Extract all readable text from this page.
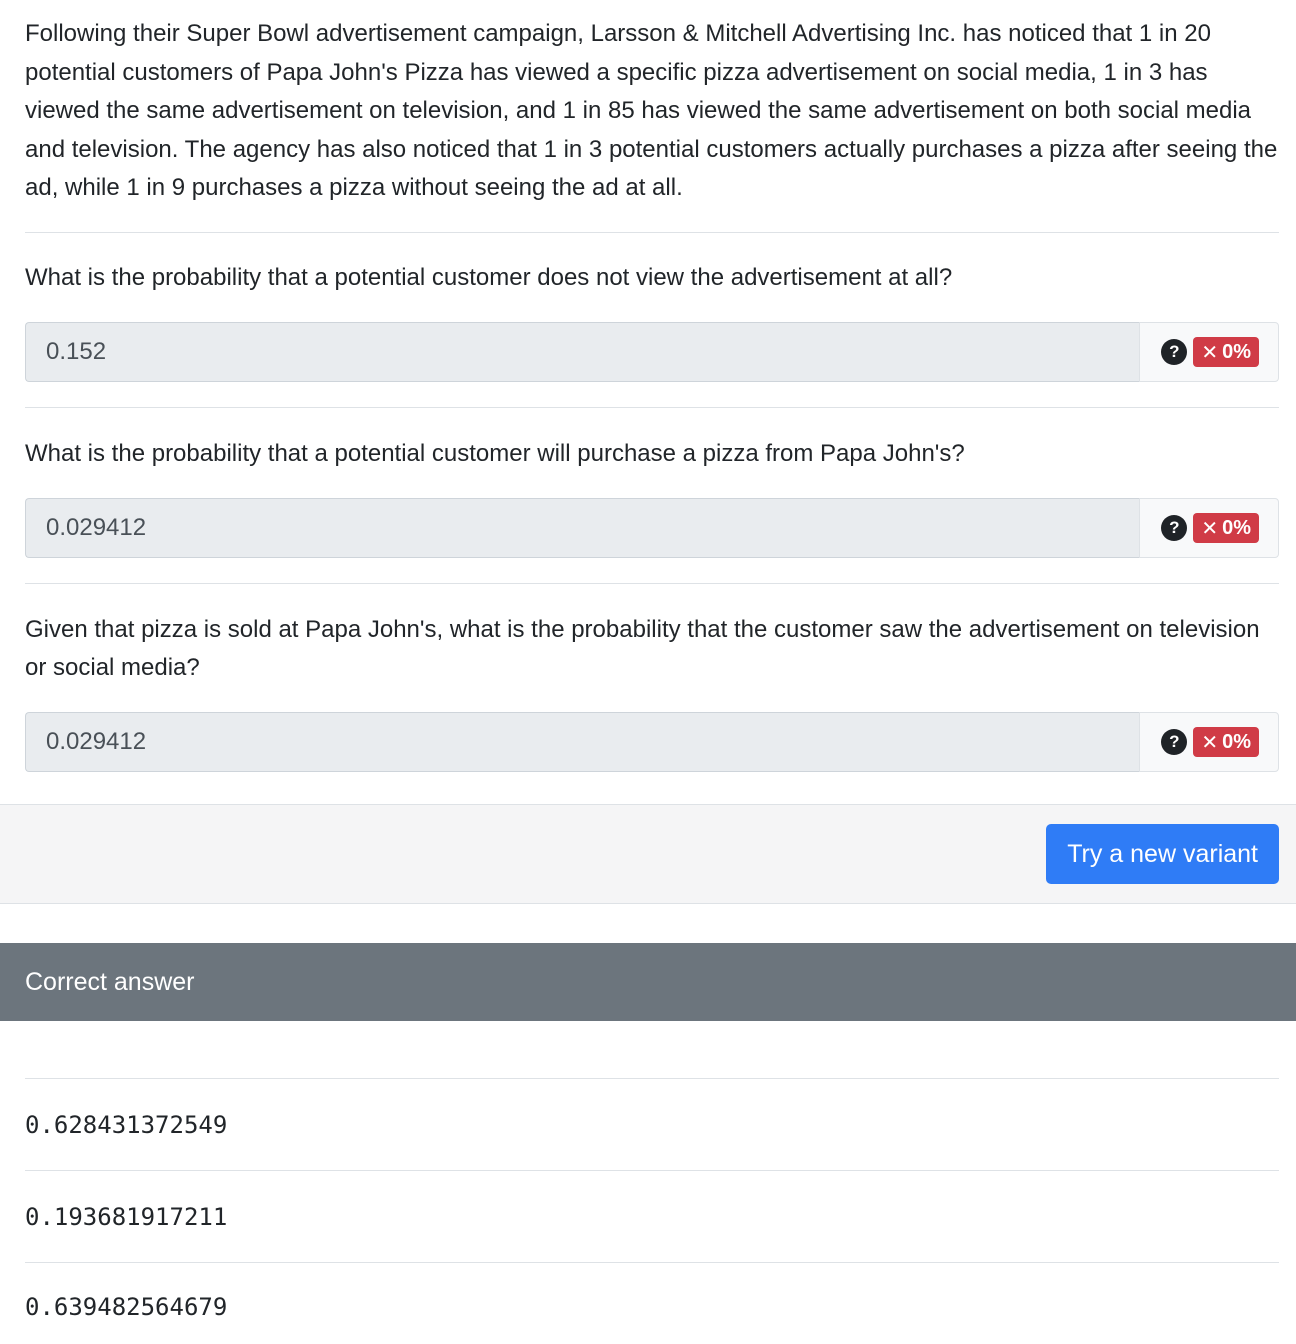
Following their Super Bowl advertisement campaign, Larsson & Mitchell Advertising Inc. has noticed that 1 in 20 potential customers of Papa John's Pizza has viewed a specific pizza advertisement on social media, 1 in 3 has viewed the same advertisement on television, and 1 in 85 has viewed the same advertisement on both social media and television. The agency has also noticed that 1 in 3 potential customers actually purchases a pizza after seeing the ad, while 1 in 9 purchases a pizza without seeing the ad at all.
What is the probability that a potential customer does not view the advertisement at all?
0.152	?	✕ 0%
What is the probability that a potential customer will purchase a pizza from Papa John's?
0.029412	?	✕ 0%
Given that pizza is sold at Papa John's, what is the probability that the customer saw the advertisement on television or social media?
0.029412	?	✕ 0%
Try a new variant
Correct answer
0.628431372549
0.193681917211
0.639482564679
